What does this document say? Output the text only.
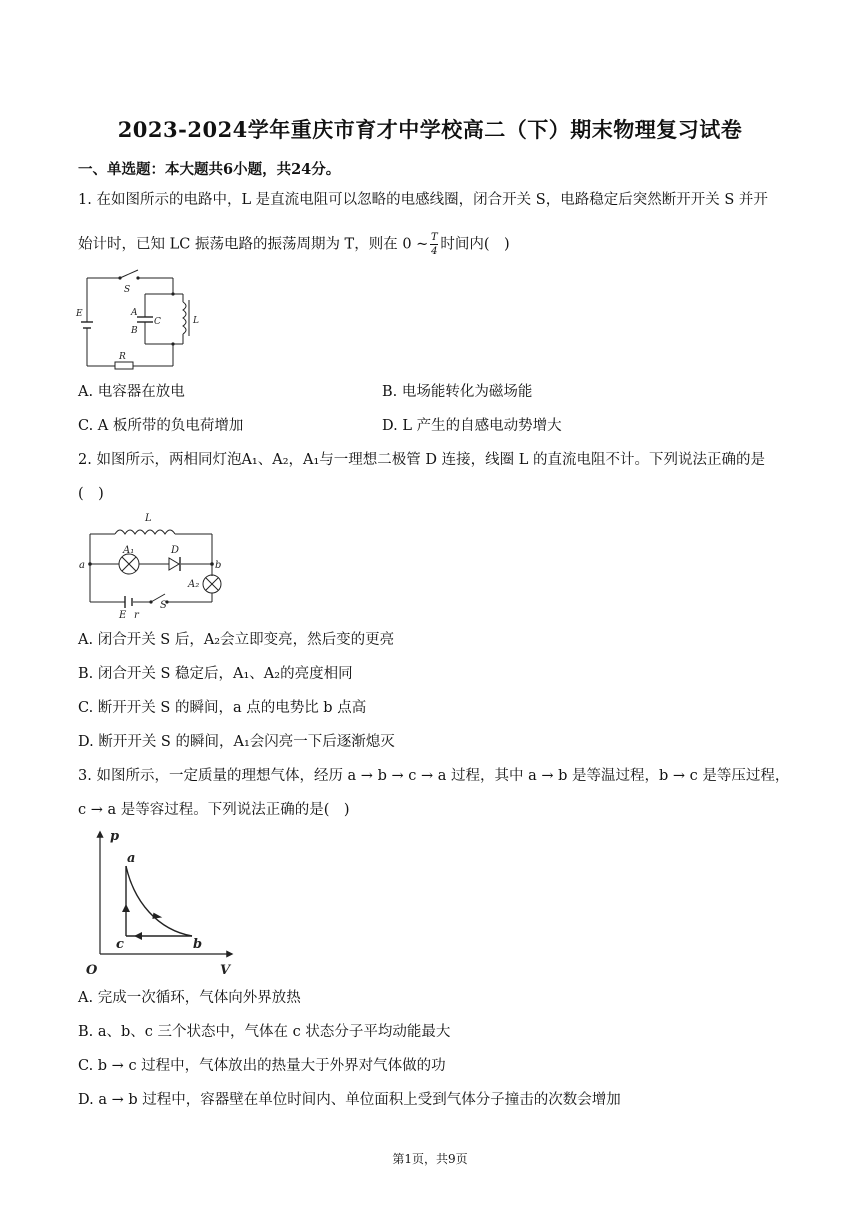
2023-2024学年重庆市育才中学校高二（下）期末物理复习试卷
一、单选题：本大题共6小题，共24分。
1. 在如图所示的电路中，L 是直流电阻可以忽略的电感线圈，闭合开关 S，电路稳定后突然断开开关 S 并开
始计时，已知 LC 振荡电路的振荡周期为 T，则在 0 ~ $\frac{T}{4}$ 时间内(　)
S
E	A
C
B
L
R
A. 电容器在放电	B. 电场能转化为磁场能
C. A 板所带的负电荷增加	D. L 产生的自感电动势增大
2. 如图所示，两相同灯泡A₁、A₂，A₁与一理想二极管 D 连接，线圈 L 的直流电阻不计。下列说法正确的是
(　)
L
A₁	D
a	b
A₂
E r
S
A. 闭合开关 S 后，A₂会立即变亮，然后变的更亮
B. 闭合开关 S 稳定后，A₁、A₂的亮度相同
C. 断开开关 S 的瞬间，a 点的电势比 b 点高
D. 断开开关 S 的瞬间，A₁会闪亮一下后逐渐熄灭
3. 如图所示，一定质量的理想气体，经历 a → b → c → a 过程，其中 a → b 是等温过程，b → c 是等压过程，
c → a 是等容过程。下列说法正确的是(　)
p
a
c	b
O	V
A. 完成一次循环，气体向外界放热
B. a、b、c 三个状态中，气体在 c 状态分子平均动能最大
C. b → c 过程中，气体放出的热量大于外界对气体做的功
D. a → b 过程中，容器壁在单位时间内、单位面积上受到气体分子撞击的次数会增加
第1页，共9页
